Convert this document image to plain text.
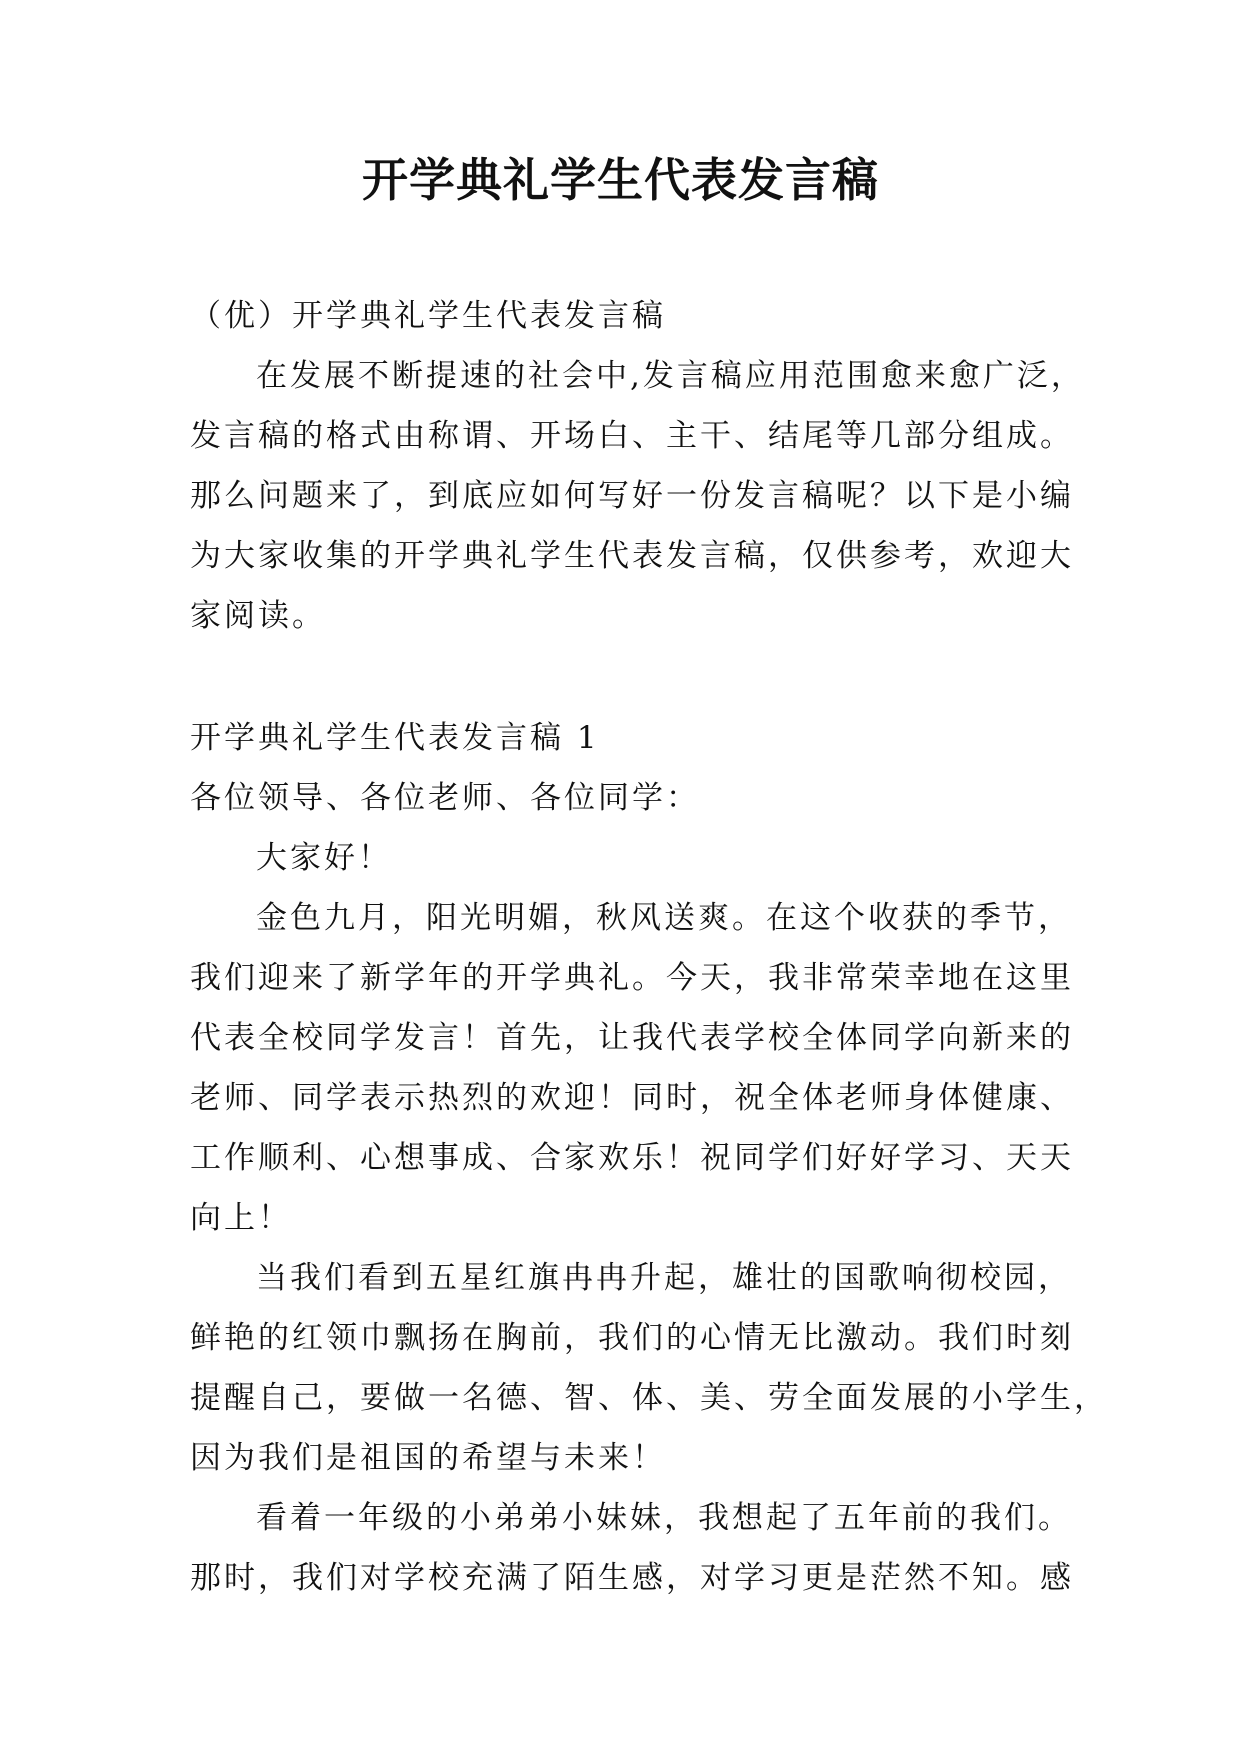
开学典礼学生代表发言稿
（优）开学典礼学生代表发言稿
在发展不断提速的社会中,发言稿应用范围愈来愈广泛，
发言稿的格式由称谓、开场白、主干、结尾等几部分组成。
那么问题来了，到底应如何写好一份发言稿呢？以下是小编
为大家收集的开学典礼学生代表发言稿，仅供参考，欢迎大
家阅读。
开学典礼学生代表发言稿 1
各位领导、各位老师、各位同学：
大家好！
金色九月，阳光明媚，秋风送爽。在这个收获的季节，
我们迎来了新学年的开学典礼。今天，我非常荣幸地在这里
代表全校同学发言！首先，让我代表学校全体同学向新来的
老师、同学表示热烈的欢迎！同时，祝全体老师身体健康、
工作顺利、心想事成、合家欢乐！祝同学们好好学习、天天
向上！
当我们看到五星红旗冉冉升起，雄壮的国歌响彻校园，
鲜艳的红领巾飘扬在胸前，我们的心情无比激动。我们时刻
提醒自己，要做一名德、智、体、美、劳全面发展的小学生，
因为我们是祖国的希望与未来！
看着一年级的小弟弟小妹妹，我想起了五年前的我们。
那时，我们对学校充满了陌生感，对学习更是茫然不知。感
